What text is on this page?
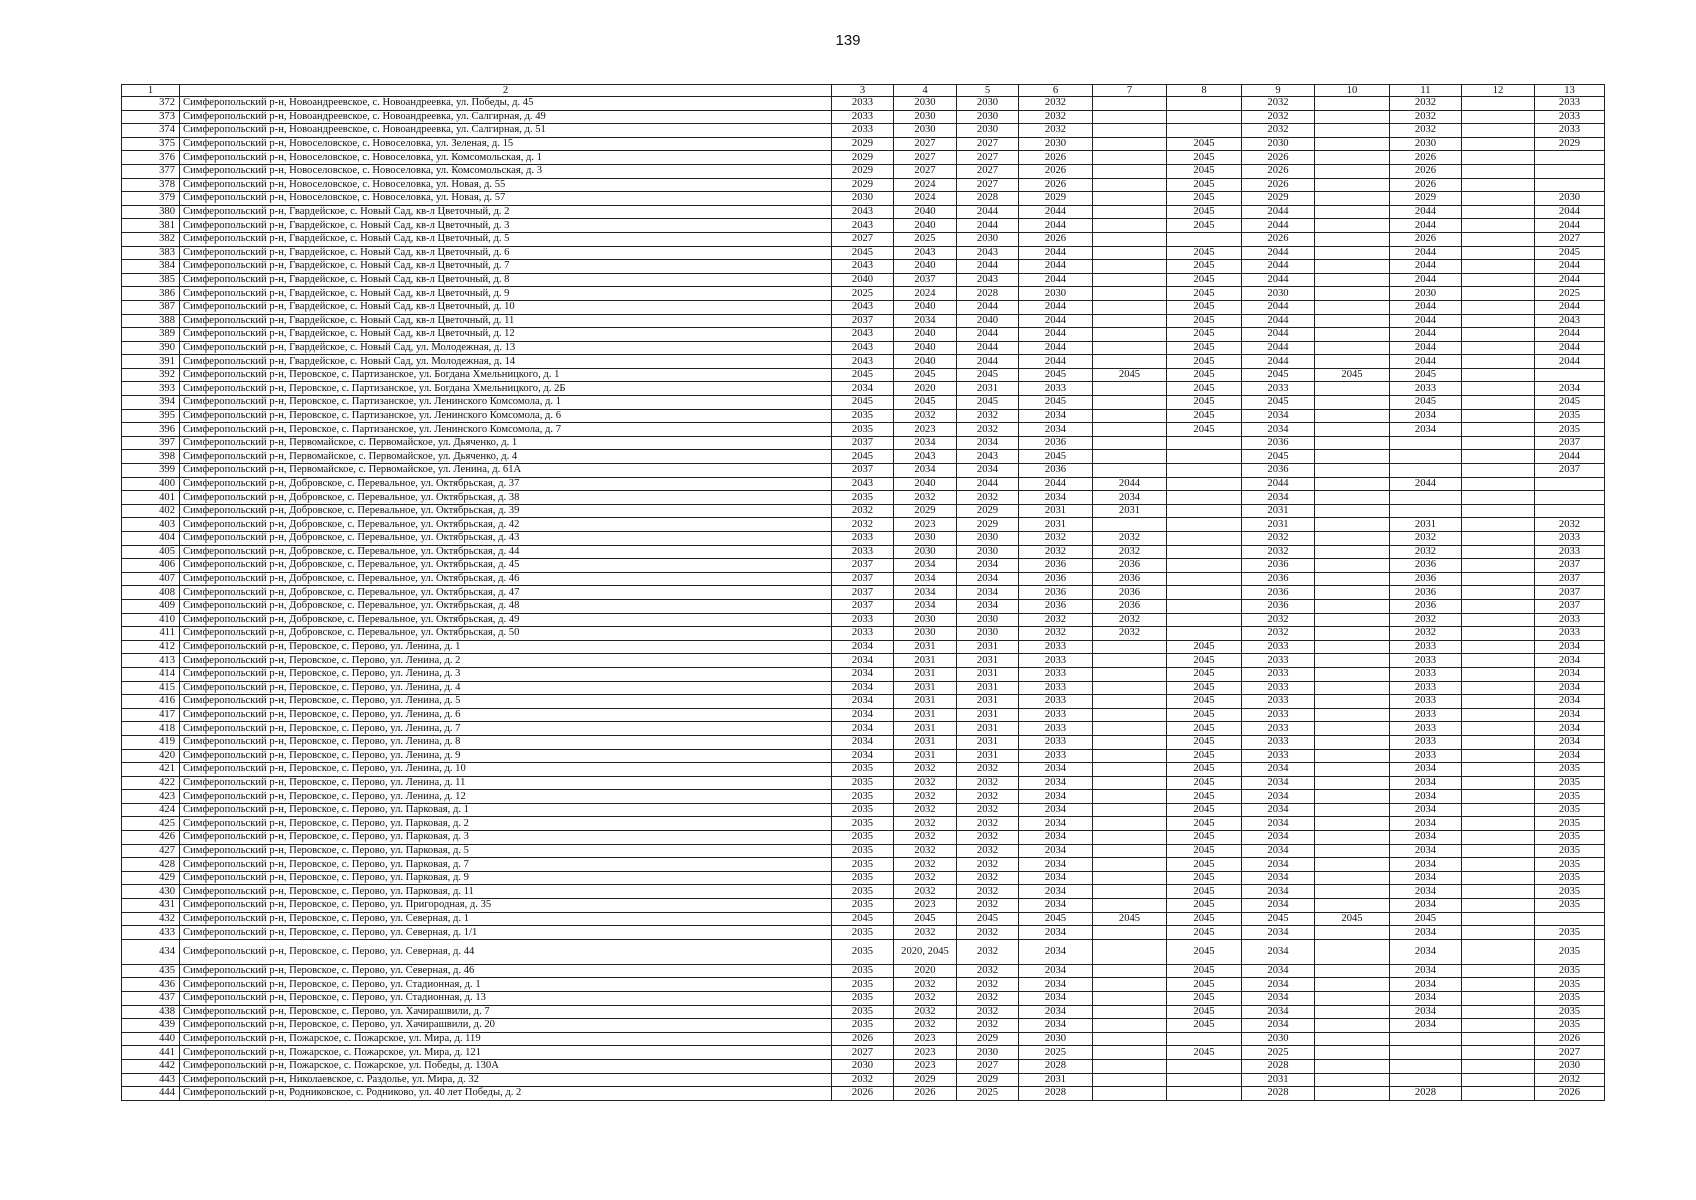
139
1	2	3	4	5	6	7	8	9	10	11	12	13
372	Симферопольский р-н, Новоандреевское, с. Новоандреевка, ул. Победы, д. 45	2033	2030	2030	2032			2032		2032		2033
373	Симферопольский р-н, Новоандреевское, с. Новоандреевка, ул. Салгирная, д. 49	2033	2030	2030	2032			2032		2032		2033
374	Симферопольский р-н, Новоандреевское, с. Новоандреевка, ул. Салгирная, д. 51	2033	2030	2030	2032			2032		2032		2033
375	Симферопольский р-н, Новоселовское, с. Новоселовка, ул. Зеленая, д. 15	2029	2027	2027	2030		2045	2030		2030		2029
376	Симферопольский р-н, Новоселовское, с. Новоселовка, ул. Комсомольская, д. 1	2029	2027	2027	2026		2045	2026		2026		
377	Симферопольский р-н, Новоселовское, с. Новоселовка, ул. Комсомольская, д. 3	2029	2027	2027	2026		2045	2026		2026		
378	Симферопольский р-н, Новоселовское, с. Новоселовка, ул. Новая, д. 55	2029	2024	2027	2026		2045	2026		2026		
379	Симферопольский р-н, Новоселовское, с. Новоселовка, ул. Новая, д. 57	2030	2024	2028	2029		2045	2029		2029		2030
380	Симферопольский р-н, Гвардейское, с. Новый Сад, кв-л Цветочный, д. 2	2043	2040	2044	2044		2045	2044		2044		2044
381	Симферопольский р-н, Гвардейское, с. Новый Сад, кв-л Цветочный, д. 3	2043	2040	2044	2044		2045	2044		2044		2044
382	Симферопольский р-н, Гвардейское, с. Новый Сад, кв-л Цветочный, д. 5	2027	2025	2030	2026			2026		2026		2027
383	Симферопольский р-н, Гвардейское, с. Новый Сад, кв-л Цветочный, д. 6	2045	2043	2043	2044		2045	2044		2044		2045
384	Симферопольский р-н, Гвардейское, с. Новый Сад, кв-л Цветочный, д. 7	2043	2040	2044	2044		2045	2044		2044		2044
385	Симферопольский р-н, Гвардейское, с. Новый Сад, кв-л Цветочный, д. 8	2040	2037	2043	2044		2045	2044		2044		2044
386	Симферопольский р-н, Гвардейское, с. Новый Сад, кв-л Цветочный, д. 9	2025	2024	2028	2030		2045	2030		2030		2025
387	Симферопольский р-н, Гвардейское, с. Новый Сад, кв-л Цветочный, д. 10	2043	2040	2044	2044		2045	2044		2044		2044
388	Симферопольский р-н, Гвардейское, с. Новый Сад, кв-л Цветочный, д. 11	2037	2034	2040	2044		2045	2044		2044		2043
389	Симферопольский р-н, Гвардейское, с. Новый Сад, кв-л Цветочный, д. 12	2043	2040	2044	2044		2045	2044		2044		2044
390	Симферопольский р-н, Гвардейское, с. Новый Сад, ул. Молодежная, д. 13	2043	2040	2044	2044		2045	2044		2044		2044
391	Симферопольский р-н, Гвардейское, с. Новый Сад, ул. Молодежная, д. 14	2043	2040	2044	2044		2045	2044		2044		2044
392	Симферопольский р-н, Перовское, с. Партизанское, ул. Богдана Хмельницкого, д. 1	2045	2045	2045	2045	2045	2045	2045	2045	2045		
393	Симферопольский р-н, Перовское, с. Партизанское, ул. Богдана Хмельницкого, д. 2Б	2034	2020	2031	2033		2045	2033		2033		2034
394	Симферопольский р-н, Перовское, с. Партизанское, ул. Ленинского Комсомола, д. 1	2045	2045	2045	2045		2045	2045		2045		2045
395	Симферопольский р-н, Перовское, с. Партизанское, ул. Ленинского Комсомола, д. 6	2035	2032	2032	2034		2045	2034		2034		2035
396	Симферопольский р-н, Перовское, с. Партизанское, ул. Ленинского Комсомола, д. 7	2035	2023	2032	2034		2045	2034		2034		2035
397	Симферопольский р-н, Первомайское, с. Первомайское, ул. Дьяченко, д. 1	2037	2034	2034	2036			2036				2037
398	Симферопольский р-н, Первомайское, с. Первомайское, ул. Дьяченко, д. 4	2045	2043	2043	2045			2045				2044
399	Симферопольский р-н, Первомайское, с. Первомайское, ул. Ленина, д. 61А	2037	2034	2034	2036			2036				2037
400	Симферопольский р-н, Добровское, с. Перевальное, ул. Октябрьская, д. 37	2043	2040	2044	2044	2044		2044		2044		
401	Симферопольский р-н, Добровское, с. Перевальное, ул. Октябрьская, д. 38	2035	2032	2032	2034	2034		2034				
402	Симферопольский р-н, Добровское, с. Перевальное, ул. Октябрьская, д. 39	2032	2029	2029	2031	2031		2031				
403	Симферопольский р-н, Добровское, с. Перевальное, ул. Октябрьская, д. 42	2032	2023	2029	2031			2031		2031		2032
404	Симферопольский р-н, Добровское, с. Перевальное, ул. Октябрьская, д. 43	2033	2030	2030	2032	2032		2032		2032		2033
405	Симферопольский р-н, Добровское, с. Перевальное, ул. Октябрьская, д. 44	2033	2030	2030	2032	2032		2032		2032		2033
406	Симферопольский р-н, Добровское, с. Перевальное, ул. Октябрьская, д. 45	2037	2034	2034	2036	2036		2036		2036		2037
407	Симферопольский р-н, Добровское, с. Перевальное, ул. Октябрьская, д. 46	2037	2034	2034	2036	2036		2036		2036		2037
408	Симферопольский р-н, Добровское, с. Перевальное, ул. Октябрьская, д. 47	2037	2034	2034	2036	2036		2036		2036		2037
409	Симферопольский р-н, Добровское, с. Перевальное, ул. Октябрьская, д. 48	2037	2034	2034	2036	2036		2036		2036		2037
410	Симферопольский р-н, Добровское, с. Перевальное, ул. Октябрьская, д. 49	2033	2030	2030	2032	2032		2032		2032		2033
411	Симферопольский р-н, Добровское, с. Перевальное, ул. Октябрьская, д. 50	2033	2030	2030	2032	2032		2032		2032		2033
412	Симферопольский р-н, Перовское, с. Перово, ул. Ленина, д. 1	2034	2031	2031	2033		2045	2033		2033		2034
413	Симферопольский р-н, Перовское, с. Перово, ул. Ленина, д. 2	2034	2031	2031	2033		2045	2033		2033		2034
414	Симферопольский р-н, Перовское, с. Перово, ул. Ленина, д. 3	2034	2031	2031	2033		2045	2033		2033		2034
415	Симферопольский р-н, Перовское, с. Перово, ул. Ленина, д. 4	2034	2031	2031	2033		2045	2033		2033		2034
416	Симферопольский р-н, Перовское, с. Перово, ул. Ленина, д. 5	2034	2031	2031	2033		2045	2033		2033		2034
417	Симферопольский р-н, Перовское, с. Перово, ул. Ленина, д. 6	2034	2031	2031	2033		2045	2033		2033		2034
418	Симферопольский р-н, Перовское, с. Перово, ул. Ленина, д. 7	2034	2031	2031	2033		2045	2033		2033		2034
419	Симферопольский р-н, Перовское, с. Перово, ул. Ленина, д. 8	2034	2031	2031	2033		2045	2033		2033		2034
420	Симферопольский р-н, Перовское, с. Перово, ул. Ленина, д. 9	2034	2031	2031	2033		2045	2033		2033		2034
421	Симферопольский р-н, Перовское, с. Перово, ул. Ленина, д. 10	2035	2032	2032	2034		2045	2034		2034		2035
422	Симферопольский р-н, Перовское, с. Перово, ул. Ленина, д. 11	2035	2032	2032	2034		2045	2034		2034		2035
423	Симферопольский р-н, Перовское, с. Перово, ул. Ленина, д. 12	2035	2032	2032	2034		2045	2034		2034		2035
424	Симферопольский р-н, Перовское, с. Перово, ул. Парковая, д. 1	2035	2032	2032	2034		2045	2034		2034		2035
425	Симферопольский р-н, Перовское, с. Перово, ул. Парковая, д. 2	2035	2032	2032	2034		2045	2034		2034		2035
426	Симферопольский р-н, Перовское, с. Перово, ул. Парковая, д. 3	2035	2032	2032	2034		2045	2034		2034		2035
427	Симферопольский р-н, Перовское, с. Перово, ул. Парковая, д. 5	2035	2032	2032	2034		2045	2034		2034		2035
428	Симферопольский р-н, Перовское, с. Перово, ул. Парковая, д. 7	2035	2032	2032	2034		2045	2034		2034		2035
429	Симферопольский р-н, Перовское, с. Перово, ул. Парковая, д. 9	2035	2032	2032	2034		2045	2034		2034		2035
430	Симферопольский р-н, Перовское, с. Перово, ул. Парковая, д. 11	2035	2032	2032	2034		2045	2034		2034		2035
431	Симферопольский р-н, Перовское, с. Перово, ул. Пригородная, д. 35	2035	2023	2032	2034		2045	2034		2034		2035
432	Симферопольский р-н, Перовское, с. Перово, ул. Северная, д. 1	2045	2045	2045	2045	2045	2045	2045	2045	2045		
433	Симферопольский р-н, Перовское, с. Перово, ул. Северная, д. 1/1	2035	2032	2032	2034		2045	2034		2034		2035
434	Симферопольский р-н, Перовское, с. Перово, ул. Северная, д. 44	2035	2020, 2045	2032	2034		2045	2034		2034		2035
435	Симферопольский р-н, Перовское, с. Перово, ул. Северная, д. 46	2035	2020	2032	2034		2045	2034		2034		2035
436	Симферопольский р-н, Перовское, с. Перово, ул. Стадионная, д. 1	2035	2032	2032	2034		2045	2034		2034		2035
437	Симферопольский р-н, Перовское, с. Перово, ул. Стадионная, д. 13	2035	2032	2032	2034		2045	2034		2034		2035
438	Симферопольский р-н, Перовское, с. Перово, ул. Хачирашвили, д. 7	2035	2032	2032	2034		2045	2034		2034		2035
439	Симферопольский р-н, Перовское, с. Перово, ул. Хачирашвили, д. 20	2035	2032	2032	2034		2045	2034		2034		2035
440	Симферопольский р-н, Пожарское, с. Пожарское, ул. Мира, д. 119	2026	2023	2029	2030			2030				2026
441	Симферопольский р-н, Пожарское, с. Пожарское, ул. Мира, д. 121	2027	2023	2030	2025		2045	2025				2027
442	Симферопольский р-н, Пожарское, с. Пожарское, ул. Победы, д. 130А	2030	2023	2027	2028			2028				2030
443	Симферопольский р-н, Николаевское, с. Раздолье, ул. Мира, д. 32	2032	2029	2029	2031			2031				2032
444	Симферопольский р-н, Родниковское, с. Родниково, ул. 40 лет Победы, д. 2	2026	2026	2025	2028			2028		2028		2026
